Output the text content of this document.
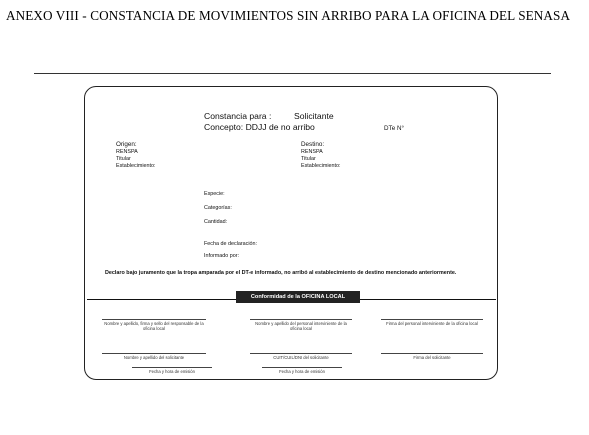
ANEXO VIII - CONSTANCIA DE MOVIMIENTOS SIN ARRIBO PARA LA OFICINA DEL SENASA
Constancia para :	Solicitante
Concepto: DDJJ de no arribo	DTe N°
Origen:
RENSPA
Titular
Establecimiento:
Destino:
RENSPA
Titular
Establecimiento:
Especie:
Categorías:
Cantidad:
Fecha de declaración:
Informado por:
Declaro bajo juramento que la tropa amparada por el DT-e informado, no arribó al establecimiento de destino mencionado anteriormente.
Conformidad de la OFICINA LOCAL
Nombre y apellido, firma y sello del responsable de la oficina local
Nombre y apellido del personal interviniente de la oficina local
Firma del personal interviniente de la oficina local
Nombre y apellido del solicitante	CUIT/CUIL/DNI del solicitante	Firma del solicitante
Fecha y hora de emisión	Fecha y hora de emisión
